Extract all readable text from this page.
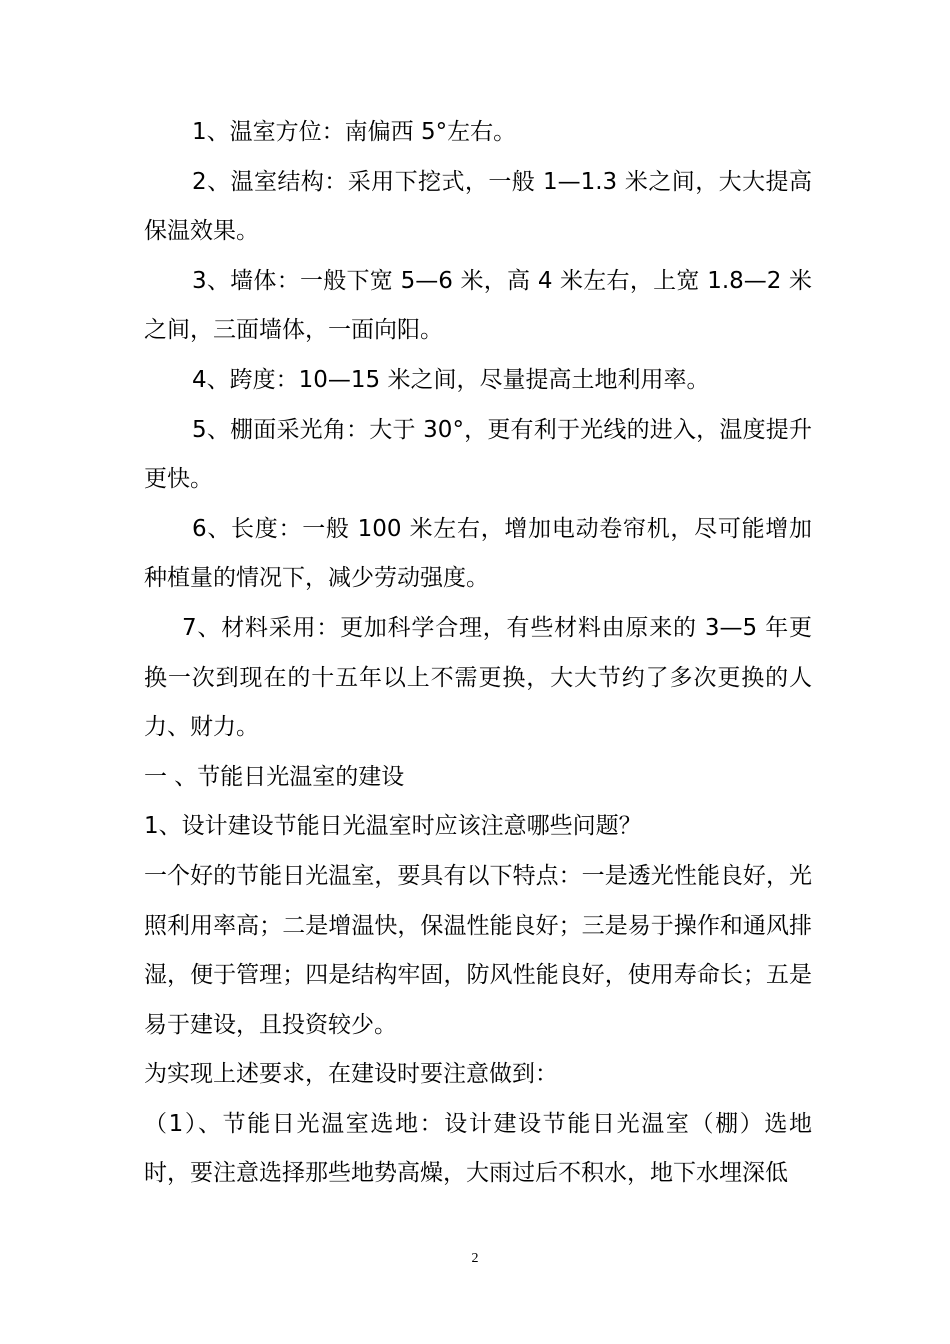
1、温室方位：南偏西 5°左右。

2、温室结构：采用下挖式，一般 1—1.3 米之间，大大提高保温效果。

3、墙体：一般下宽 5—6 米，高 4 米左右，上宽 1.8—2 米之间，三面墙体，一面向阳。

4、跨度：10—15 米之间，尽量提高土地利用率。

5、棚面采光角：大于 30°，更有利于光线的进入，温度提升更快。

6、长度：一般 100 米左右，增加电动卷帘机，尽可能增加种植量的情况下，减少劳动强度。

7、材料采用：更加科学合理，有些材料由原来的 3—5 年更换一次到现在的十五年以上不需更换，大大节约了多次更换的人力、财力。

一 、节能日光温室的建设

1、设计建设节能日光温室时应该注意哪些问题？

一个好的节能日光温室，要具有以下特点：一是透光性能良好，光照利用率高；二是增温快，保温性能良好；三是易于操作和通风排湿，便于管理；四是结构牢固，防风性能良好，使用寿命长；五是易于建设，且投资较少。

为实现上述要求，在建设时要注意做到：

（1）、节能日光温室选地：设计建设节能日光温室（棚）选地时，要注意选择那些地势高燥，大雨过后不积水，地下水埋深低

2
